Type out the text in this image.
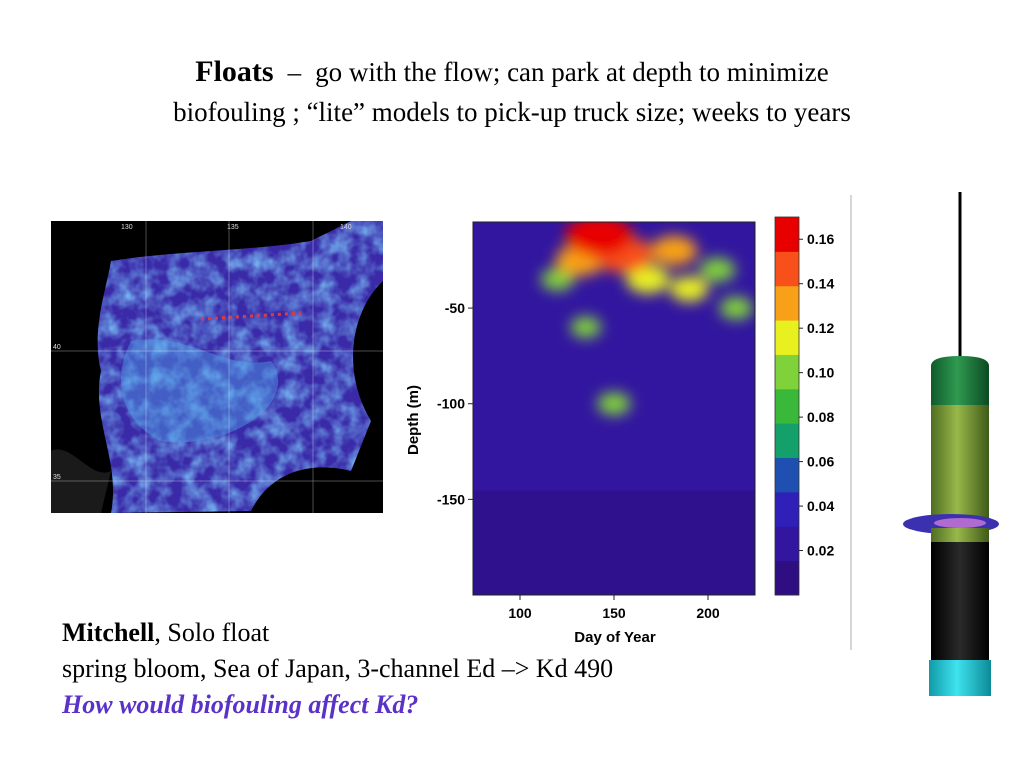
Floats – go with the flow; can park at depth to minimize
biofouling ; “lite” models to pick-up truck size; weeks to years
130	135	140
40
35
100	150	200
-50
-100
-150
Day of Year
Depth (m)
0.16
0.14
0.12
0.10
0.08
0.06
0.04
0.02
Mitchell, Solo float
spring bloom, Sea of Japan, 3-channel Ed –> Kd 490
How would biofouling affect Kd?
